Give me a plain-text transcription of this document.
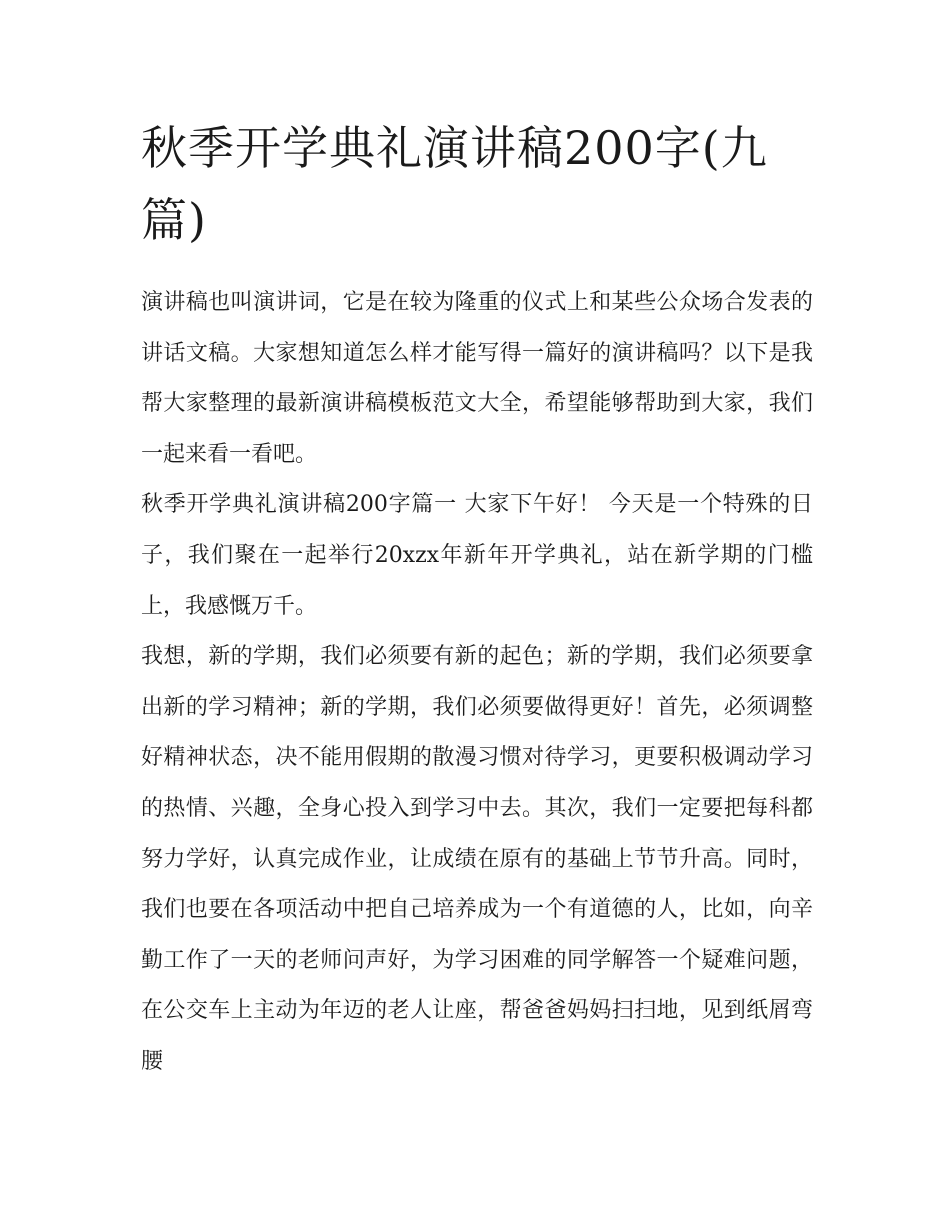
秋季开学典礼演讲稿200字(九篇)

演讲稿也叫演讲词，它是在较为隆重的仪式上和某些公众场合发表的讲话文稿。大家想知道怎么样才能写得一篇好的演讲稿吗？以下是我帮大家整理的最新演讲稿模板范文大全，希望能够帮助到大家，我们一起来看一看吧。

秋季开学典礼演讲稿200字篇一 大家下午好！ 今天是一个特殊的日子，我们聚在一起举行20xzx年新年开学典礼，站在新学期的门槛上，我感慨万千。

我想，新的学期，我们必须要有新的起色；新的学期，我们必须要拿出新的学习精神；新的学期，我们必须要做得更好！首先，必须调整好精神状态，决不能用假期的散漫习惯对待学习，更要积极调动学习的热情、兴趣，全身心投入到学习中去。其次，我们一定要把每科都努力学好，认真完成作业，让成绩在原有的基础上节节升高。同时，我们也要在各项活动中把自己培养成为一个有道德的人，比如，向辛勤工作了一天的老师问声好，为学习困难的同学解答一个疑难问题，在公交车上主动为年迈的老人让座，帮爸爸妈妈扫扫地，见到纸屑弯腰
